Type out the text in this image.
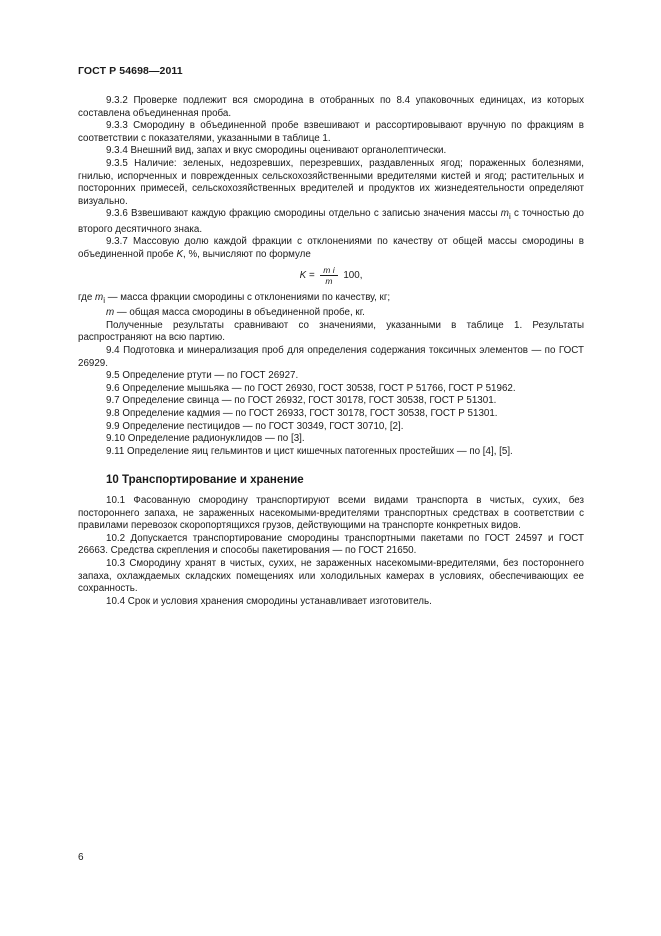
ГОСТ Р 54698—2011

9.3.2 Проверке подлежит вся смородина в отобранных по 8.4 упаковочных единицах, из которых составлена объединенная проба.

9.3.3 Смородину в объединенной пробе взвешивают и рассортировывают вручную по фракциям в соответствии с показателями, указанными в таблице 1.

9.3.4 Внешний вид, запах и вкус смородины оценивают органолептически.

9.3.5 Наличие: зеленых, недозревших, перезревших, раздавленных ягод; пораженных болезнями, гнилью, испорченных и поврежденных сельскохозяйственными вредителями кистей и ягод; растительных и посторонних примесей, сельскохозяйственных вредителей и продуктов их жизнедеятельности определяют визуально.

9.3.6 Взвешивают каждую фракцию смородины отдельно с записью значения массы $m_i$ с точностью до второго десятичного знака.

9.3.7 Массовую долю каждой фракции с отклонениями по качеству от общей массы смородины в объединенной пробе K, %, вычисляют по формуле

$K = \frac{\text{m i}}{m} 100$,

где $m_i$ — масса фракции смородины с отклонениями по качеству, кг;

m — общая масса смородины в объединенной пробе, кг.

Полученные результаты сравнивают со значениями, указанными в таблице 1. Результаты распространяют на всю партию.

9.4 Подготовка и минерализация проб для определения содержания токсичных элементов — по ГОСТ 26929.

9.5 Определение ртути — по ГОСТ 26927.

9.6 Определение мышьяка — по ГОСТ 26930, ГОСТ 30538, ГОСТ Р 51766, ГОСТ Р 51962.

9.7 Определение свинца — по ГОСТ 26932, ГОСТ 30178, ГОСТ 30538, ГОСТ Р 51301.

9.8 Определение кадмия — по ГОСТ 26933, ГОСТ 30178, ГОСТ 30538, ГОСТ Р 51301.

9.9 Определение пестицидов — по ГОСТ 30349, ГОСТ 30710, [2].

9.10 Определение радионуклидов — по [3].

9.11 Определение яиц гельминтов и цист кишечных патогенных простейших — по [4], [5].

10 Транспортирование и хранение

10.1 Фасованную смородину транспортируют всеми видами транспорта в чистых, сухих, без постороннего запаха, не зараженных насекомыми-вредителями транспортных средствах в соответствии с правилами перевозок скоропортящихся грузов, действующими на транспорте конкретных видов.

10.2 Допускается транспортирование смородины транспортными пакетами по ГОСТ 24597 и ГОСТ 26663. Средства скрепления и способы пакетирования — по ГОСТ 21650.

10.3 Смородину хранят в чистых, сухих, не зараженных насекомыми-вредителями, без постороннего запаха, охлаждаемых складских помещениях или холодильных камерах в условиях, обеспечивающих ее сохранность.

10.4 Срок и условия хранения смородины устанавливает изготовитель.

6
